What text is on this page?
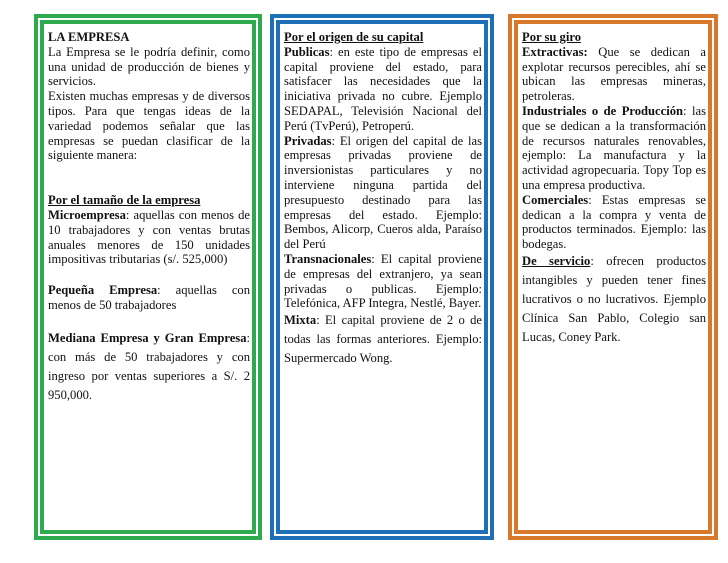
LA EMPRESA

La Empresa se le podría definir, como una unidad de producción de bienes y servicios.

Existen muchas empresas y de diversos tipos. Para que tengas ideas de la variedad podemos señalar que las empresas se puedan clasificar de la siguiente manera:

Por el tamaño de la empresa

Microempresa: aquellas con menos de 10 trabajadores y con ventas brutas anuales menores de 150 unidades impositivas tributarias (s/. 525,000)

Pequeña Empresa: aquellas con menos de 50 trabajadores

Mediana Empresa y Gran Empresa: con más de 50 trabajadores y con ingreso por ventas superiores a S/. 2 950,000.

Por el origen de su capital

Publicas: en este tipo de empresas el capital proviene del estado, para satisfacer las necesidades que la iniciativa privada no cubre. Ejemplo SEDAPAL, Televisión Nacional del Perú (TvPerú), Petroperú.

Privadas: El origen del capital de las empresas privadas proviene de inversionistas particulares y no interviene ninguna partida del presupuesto destinado para las empresas del estado. Ejemplo: Bembos, Alicorp, Cueros alda, Paraíso del Perú

Transnacionales: El capital proviene de empresas del extranjero, ya sean privadas o publicas. Ejemplo: Telefónica, AFP Integra, Nestlé, Bayer.

Mixta: El capital proviene de 2 o de todas las formas anteriores. Ejemplo: Supermercado Wong.

Por su giro

Extractivas: Que se dedican a explotar recursos perecibles, ahí se ubican las empresas mineras, petroleras.

Industriales o de Producción: las que se dedican a la transformación de recursos naturales renovables, ejemplo: La manufactura y la actividad agropecuaria. Topy Top es una empresa productiva.

Comerciales: Estas empresas se dedican a la compra y venta de productos terminados. Ejemplo: las bodegas.

De servicio: ofrecen productos intangibles y pueden tener fines lucrativos o no lucrativos. Ejemplo Clínica San Pablo, Colegio san Lucas, Coney Park.
